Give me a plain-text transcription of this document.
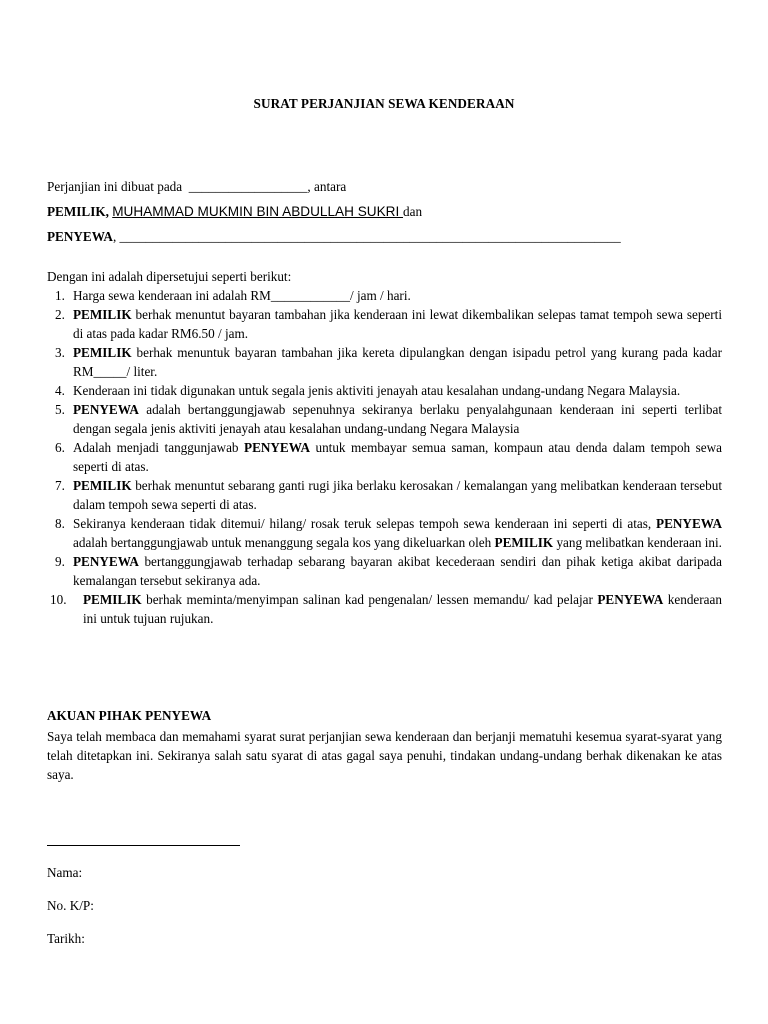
SURAT PERJANJIAN SEWA KENDERAAN
Perjanjian ini dibuat pada __________________, antara
PEMILIK, MUHAMMAD MUKMIN BIN ABDULLAH SUKRI dan
PENYEWA, ____________________________________________________________________________
Dengan ini adalah dipersetujui seperti berikut:
1. Harga sewa kenderaan ini adalah RM____________/ jam / hari.
2. PEMILIK berhak menuntut bayaran tambahan jika kenderaan ini lewat dikembalikan selepas tamat tempoh sewa seperti di atas pada kadar RM6.50 / jam.
3. PEMILIK berhak menuntuk bayaran tambahan jika kereta dipulangkan dengan isipadu petrol yang kurang pada kadar RM_____/ liter.
4. Kenderaan ini tidak digunakan untuk segala jenis aktiviti jenayah atau kesalahan undang-undang Negara Malaysia.
5. PENYEWA adalah bertanggungjawab sepenuhnya sekiranya berlaku penyalahgunaan kenderaan ini seperti terlibat dengan segala jenis aktiviti jenayah atau kesalahan undang-undang Negara Malaysia
6. Adalah menjadi tanggunjawab PENYEWA untuk membayar semua saman, kompaun atau denda dalam tempoh sewa seperti di atas.
7. PEMILIK berhak menuntut sebarang ganti rugi jika berlaku kerosakan / kemalangan yang melibatkan kenderaan tersebut dalam tempoh sewa seperti di atas.
8. Sekiranya kenderaan tidak ditemui/ hilang/ rosak teruk selepas tempoh sewa kenderaan ini seperti di atas, PENYEWA adalah bertanggungjawab untuk menanggung segala kos yang dikeluarkan oleh PEMILIK yang melibatkan kenderaan ini.
9. PENYEWA bertanggungjawab terhadap sebarang bayaran akibat kecederaan sendiri dan pihak ketiga akibat daripada kemalangan tersebut sekiranya ada.
10. PEMILIK berhak meminta/menyimpan salinan kad pengenalan/ lessen memandu/ kad pelajar PENYEWA kenderaan ini untuk tujuan rujukan.
AKUAN PIHAK PENYEWA
Saya telah membaca dan memahami syarat surat perjanjian sewa kenderaan dan berjanji mematuhi kesemua syarat-syarat yang telah ditetapkan ini. Sekiranya salah satu syarat di atas gagal saya penuhi, tindakan undang-undang berhak dikenakan ke atas saya.
Nama:
No. K/P:
Tarikh:
